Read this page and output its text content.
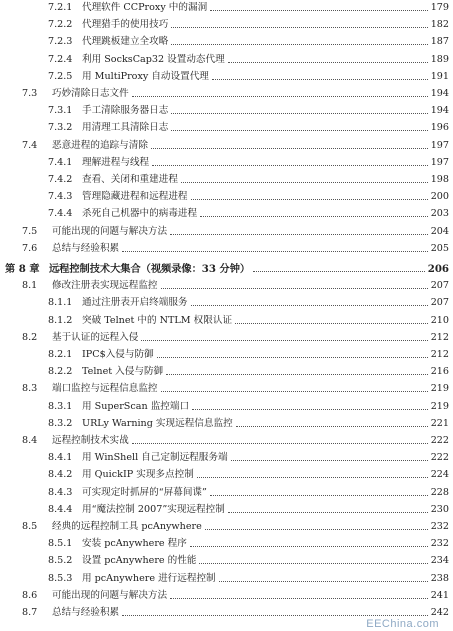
7.2.1 代理软件 CCProxy 中的漏洞	179
7.2.2 代理猎手的使用技巧	182
7.2.3 代理跳板建立全攻略	187
7.2.4 利用 SocksCap32 设置动态代理	189
7.2.5 用 MultiProxy 自动设置代理	191
7.3 巧妙清除日志文件	194
7.3.1 手工清除服务器日志	194
7.3.2 用清理工具清除日志	196
7.4 恶意进程的追踪与清除	197
7.4.1 理解进程与线程	197
7.4.2 查看、关闭和重建进程	198
7.4.3 管理隐藏进程和远程进程	200
7.4.4 杀死自己机器中的病毒进程	203
7.5 可能出现的问题与解决方法	204
7.6 总结与经验积累	205
第 8 章 远程控制技术大集合（视频录像：33 分钟）	206
8.1 修改注册表实现远程监控	207
8.1.1 通过注册表开启终端服务	207
8.1.2 突破 Telnet 中的 NTLM 权限认证	210
8.2 基于认证的远程入侵	212
8.2.1 IPC$入侵与防御	212
8.2.2 Telnet 入侵与防御	216
8.3 端口监控与远程信息监控	219
8.3.1 用 SuperScan 监控端口	219
8.3.2 URLy Warning 实现远程信息监控	221
8.4 远程控制技术实战	222
8.4.1 用 WinShell 自己定制远程服务端	222
8.4.2 用 QuickIP 实现多点控制	224
8.4.3 可实现定时抓屏的“屏幕间谍”	228
8.4.4 用“魔法控制 2007”实现远程控制	230
8.5 经典的远程控制工具 pcAnywhere	232
8.5.1 安装 pcAnywhere 程序	232
8.5.2 设置 pcAnywhere 的性能	234
8.5.3 用 pcAnywhere 进行远程控制	238
8.6 可能出现的问题与解决方法	241
8.7 总结与经验积累	242
EEChina.com
